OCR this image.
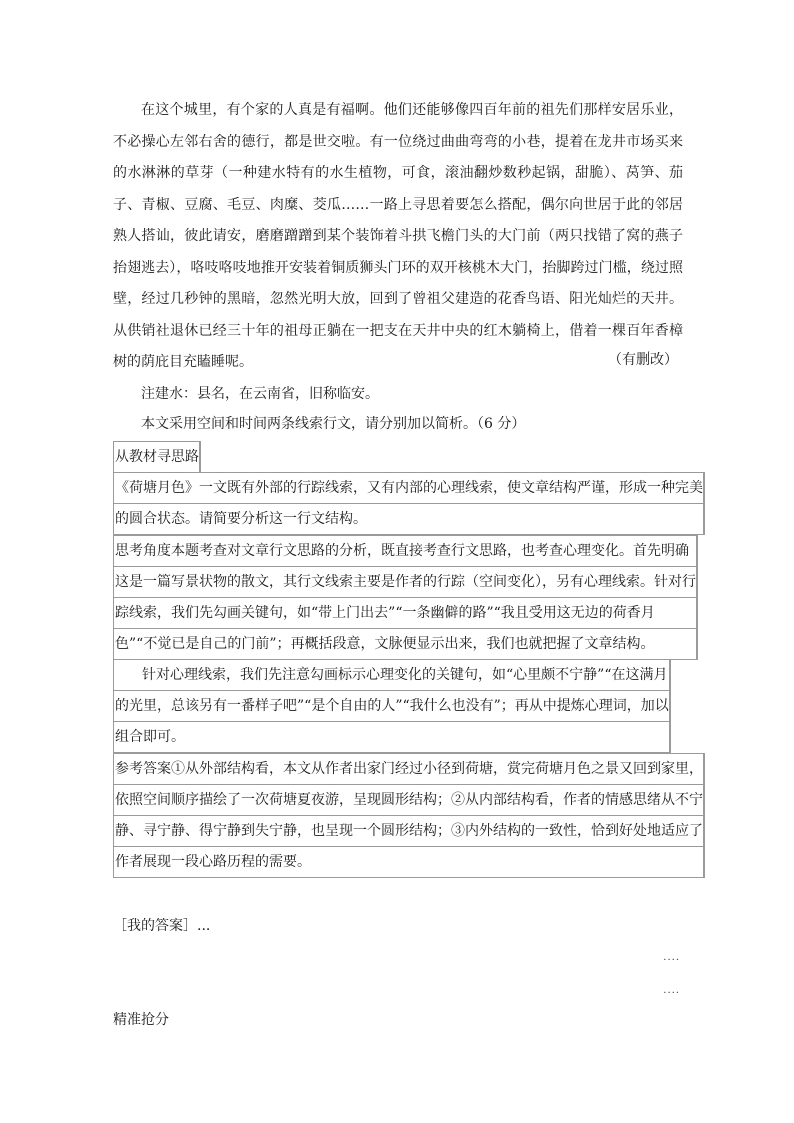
在这个城里，有个家的人真是有福啊。他们还能够像四百年前的祖先们那样安居乐业，不必操心左邻右舍的德行，都是世交啦。有一位绕过曲曲弯弯的小巷，提着在龙井市场买来的水淋淋的草芽（一种建水特有的水生植物，可食，滚油翻炒数秒起锅，甜脆）、莴笋、茄子、青椒、豆腐、毛豆、肉糜、茭瓜……一路上寻思着要怎么搭配，偶尔向世居于此的邻居熟人搭讪，彼此请安，磨磨蹭蹭到某个装饰着斗拱飞檐门头的大门前（两只找错了窝的燕子抬翅逃去），咯吱咯吱地推开安装着铜质狮头门环的双开核桃木大门，抬脚跨过门槛，绕过照壁，经过几秒钟的黑暗，忽然光明大放，回到了曾祖父建造的花香鸟语、阳光灿烂的天井。从供销社退休已经三十年的祖母正躺在一把支在天井中央的红木躺椅上，借着一棵百年香樟树的荫庇目充瞌睡呢。	（有删改）
注建水：县名，在云南省，旧称临安。
本文采用空间和时间两条线索行文，请分别加以简析。（6 分）
从教材寻思路
《荷塘月色》一文既有外部的行踪线索，又有内部的心理线索，使文章结构严谨，形成一种完美
的圆合状态。请简要分析这一行文结构。
思考角度本题考查对文章行文思路的分析，既直接考查行文思路，也考查心理变化。首先明确
这是一篇写景状物的散文，其行文线索主要是作者的行踪（空间变化），另有心理线索。针对行
踪线索，我们先勾画关键句，如“带上门出去”“一条幽僻的路”“我且受用这无边的荷香月
色”“不觉已是自己的门前”；再概括段意，文脉便显示出来，我们也就把握了文章结构。
针对心理线索，我们先注意勾画标示心理变化的关键句，如“心里颇不宁静”“在这满月
的光里，总该另有一番样子吧”“是个自由的人”“我什么也没有”；再从中提炼心理词，加以
组合即可。
参考答案①从外部结构看，本文从作者出家门经过小径到荷塘，赏完荷塘月色之景又回到家里，
依照空间顺序描绘了一次荷塘夏夜游，呈现圆形结构；②从内部结构看，作者的情感思绪从不宁
静、寻宁静、得宁静到失宁静，也呈现一个圆形结构；③内外结构的一致性，恰到好处地适应了
作者展现一段心路历程的需要。
［我的答案］...
....
....
精准抢分
